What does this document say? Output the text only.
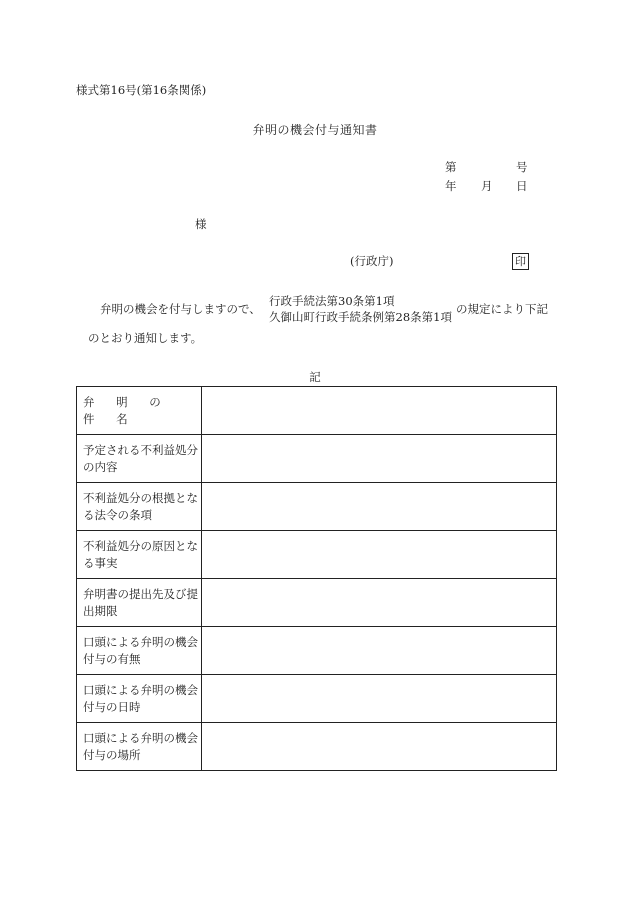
様式第16号(第16条関係)
弁明の機会付与通知書
第	号
年 月 日
様
(行政庁)	印
弁明の機会を付与しますので、
行政手続法第30条第1項
久御山町行政手続条例第28条第1項
の規定により下記
のとおり通知します。
記
弁 明 の 件 名	
予定される不利益処分の内容	
不利益処分の根拠となる法令の条項	
不利益処分の原因となる事実	
弁明書の提出先及び提出期限	
口頭による弁明の機会付与の有無	
口頭による弁明の機会付与の日時	
口頭による弁明の機会付与の場所	
